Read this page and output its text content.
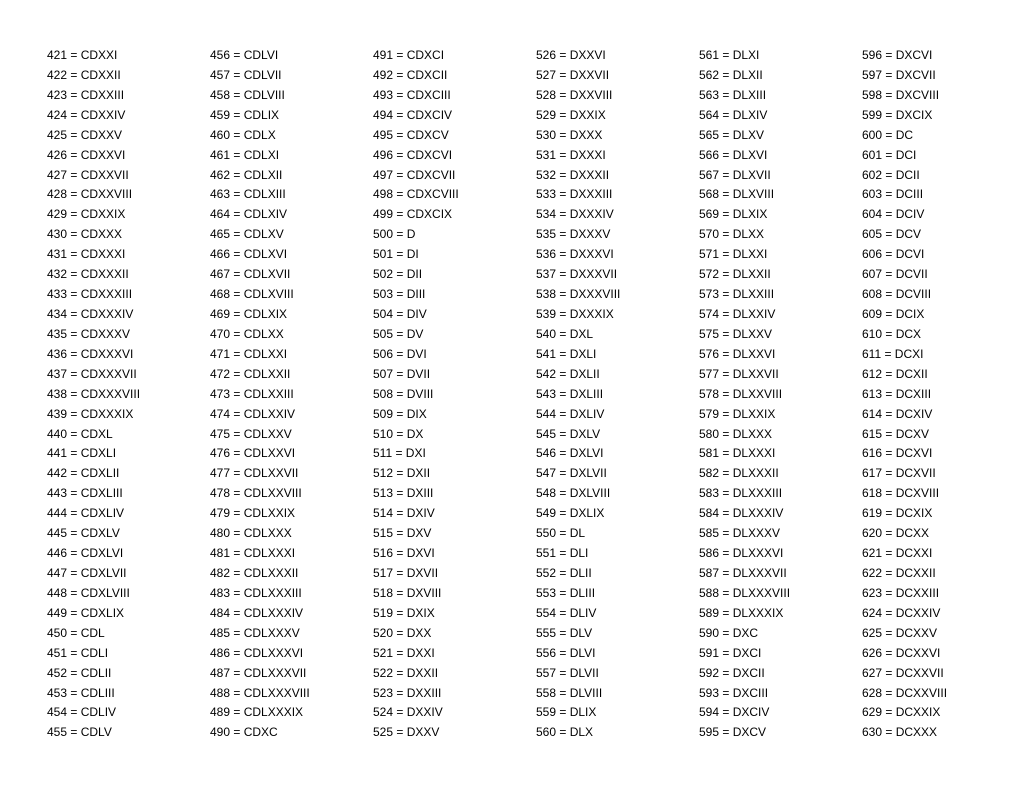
421 = CDXXI
422 = CDXXII
423 = CDXXIII
424 = CDXXIV
425 = CDXXV
426 = CDXXVI
427 = CDXXVII
428 = CDXXVIII
429 = CDXXIX
430 = CDXXX
431 = CDXXXI
432 = CDXXXII
433 = CDXXXIII
434 = CDXXXIV
435 = CDXXXV
436 = CDXXXVI
437 = CDXXXVII
438 = CDXXXVIII
439 = CDXXXIX
440 = CDXL
441 = CDXLI
442 = CDXLII
443 = CDXLIII
444 = CDXLIV
445 = CDXLV
446 = CDXLVI
447 = CDXLVII
448 = CDXLVIII
449 = CDXLIX
450 = CDL
451 = CDLI
452 = CDLII
453 = CDLIII
454 = CDLIV
455 = CDLV
456 = CDLVI
457 = CDLVII
458 = CDLVIII
459 = CDLIX
460 = CDLX
461 = CDLXI
462 = CDLXII
463 = CDLXIII
464 = CDLXIV
465 = CDLXV
466 = CDLXVI
467 = CDLXVII
468 = CDLXVIII
469 = CDLXIX
470 = CDLXX
471 = CDLXXI
472 = CDLXXII
473 = CDLXXIII
474 = CDLXXIV
475 = CDLXXV
476 = CDLXXVI
477 = CDLXXVII
478 = CDLXXVIII
479 = CDLXXIX
480 = CDLXXX
481 = CDLXXXI
482 = CDLXXXII
483 = CDLXXXIII
484 = CDLXXXIV
485 = CDLXXXV
486 = CDLXXXVI
487 = CDLXXXVII
488 = CDLXXXVIII
489 = CDLXXXIX
490 = CDXC
491 = CDXCI
492 = CDXCII
493 = CDXCIII
494 = CDXCIV
495 = CDXCV
496 = CDXCVI
497 = CDXCVII
498 = CDXCVIII
499 = CDXCIX
500 = D
501 = DI
502 = DII
503 = DIII
504 = DIV
505 = DV
506 = DVI
507 = DVII
508 = DVIII
509 = DIX
510 = DX
511 = DXI
512 = DXII
513 = DXIII
514 = DXIV
515 = DXV
516 = DXVI
517 = DXVII
518 = DXVIII
519 = DXIX
520 = DXX
521 = DXXI
522 = DXXII
523 = DXXIII
524 = DXXIV
525 = DXXV
526 = DXXVI
527 = DXXVII
528 = DXXVIII
529 = DXXIX
530 = DXXX
531 = DXXXI
532 = DXXXII
533 = DXXXIII
534 = DXXXIV
535 = DXXXV
536 = DXXXVI
537 = DXXXVII
538 = DXXXVIII
539 = DXXXIX
540 = DXL
541 = DXLI
542 = DXLII
543 = DXLIII
544 = DXLIV
545 = DXLV
546 = DXLVI
547 = DXLVII
548 = DXLVIII
549 = DXLIX
550 = DL
551 = DLI
552 = DLII
553 = DLIII
554 = DLIV
555 = DLV
556 = DLVI
557 = DLVII
558 = DLVIII
559 = DLIX
560 = DLX
561 = DLXI
562 = DLXII
563 = DLXIII
564 = DLXIV
565 = DLXV
566 = DLXVI
567 = DLXVII
568 = DLXVIII
569 = DLXIX
570 = DLXX
571 = DLXXI
572 = DLXXII
573 = DLXXIII
574 = DLXXIV
575 = DLXXV
576 = DLXXVI
577 = DLXXVII
578 = DLXXVIII
579 = DLXXIX
580 = DLXXX
581 = DLXXXI
582 = DLXXXII
583 = DLXXXIII
584 = DLXXXIV
585 = DLXXXV
586 = DLXXXVI
587 = DLXXXVII
588 = DLXXXVIII
589 = DLXXXIX
590 = DXC
591 = DXCI
592 = DXCII
593 = DXCIII
594 = DXCIV
595 = DXCV
596 = DXCVI
597 = DXCVII
598 = DXCVIII
599 = DXCIX
600 = DC
601 = DCI
602 = DCII
603 = DCIII
604 = DCIV
605 = DCV
606 = DCVI
607 = DCVII
608 = DCVIII
609 = DCIX
610 = DCX
611 = DCXI
612 = DCXII
613 = DCXIII
614 = DCXIV
615 = DCXV
616 = DCXVI
617 = DCXVII
618 = DCXVIII
619 = DCXIX
620 = DCXX
621 = DCXXI
622 = DCXXII
623 = DCXXIII
624 = DCXXIV
625 = DCXXV
626 = DCXXVI
627 = DCXXVII
628 = DCXXVIII
629 = DCXXIX
630 = DCXXX
